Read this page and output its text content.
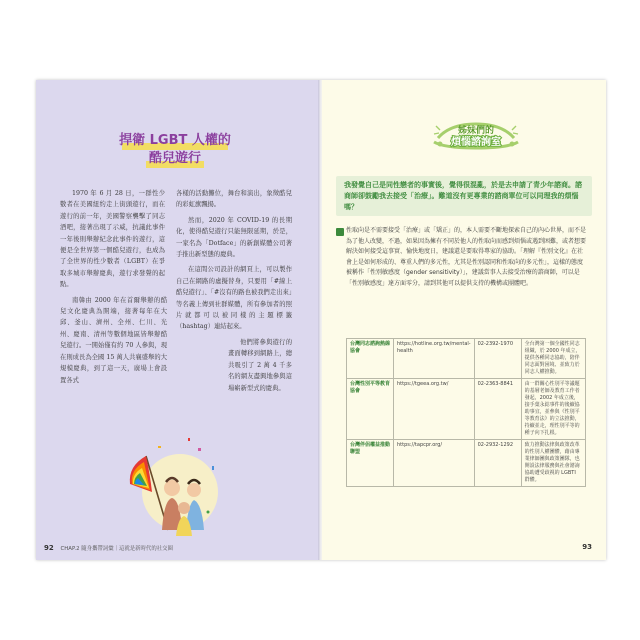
捍衛 LGBT 人權的
酷兒遊行

1970 年 6 月 28 日，一群性少數者在美國紐約走上街頭遊行，而在遊行的前一年，美國警察襲擊了同志酒吧，接著出現了示威，抗議此事件一年後則舉辦紀念此事件的遊行，這便是全世界第一個酷兒遊行，也成為了全世界的性少數者（LGBT）在爭取多城市舉辦慶典，遊行求發聲的起點。

南韓由 2000 年在首爾舉辦的酷兒文化慶典為開端，接著每年在大邱、釜山、濟州、全州、仁川、光州、慶南、清州等數個地區皆舉辦酷兒遊行。一開始僅有約 70 人參與，現在則成長為全國 15 萬人共襄盛舉的大規模慶典，到了這一天，廣場上會設置各式

各樣的活動攤位，舞台和演出，象徵酷兒的彩虹旗飄揚。

然而，2020 年 COVID-19 的長期化，使得酷兒遊行只能無限延期，於是，一家名為「Dotface」的新創媒體公司著手推出新型態的慶典。

在這間公司設計的網頁上，可以製作自己在網路的虛擬替身，只要用「#線上酷兒遊行」、「#沒有的路也被我們走出來」等名義上傳到社群媒體，所有參加者的照片就都可以被同樣的主題標籤（hashtag）連結起來。

他們將參與遊行的畫面轉移到網路上，總共吸引了 2 萬 4 千多名的網友盡興地參與這場嶄新型式的慶典。

92 CHAP.2 隨身攜帶詞彙｜這就是新時代的社交圈
姊妹們的
煩惱諮詢室
我發覺自己是同性戀者的事實後，覺得很混亂，於是去申請了青少年諮商。諮商師卻鼓勵我去接受「治療」。難道沒有更專業的諮商單位可以同理我的煩惱嗎？
性取向是不需要接受「治療」或「矯正」的，本人需要不斷地探索自己的內心世界，而不是為了他人改變，不過，如果因為擁有不同於他人的性取向而感到煩惱或遇到困難，或者想要解決如何接受這事實、愉快地度日，建議還是要取得專家的協助。「理解『性別文化』在社會上是如何形成的、尊重人們的多元性，尤其是性別認同和性取向的多元性」，這樣的態度被稱作「性別敏感度（gender sensitivity）」，建議當事人去接受治療的諮商師，可以是「性別敏感度」達方面零分，請到其他可以提供支持的機構或團體吧。
台灣同志諮詢熱線協會	https://hotline.org.tw/mental-health	02-2392-1970	全台灣第一個全國性同志組織，於 2000 年成立，提供各種同志協助，陪伴同志面對困境、並致力於同志人權推動。
台灣性別平等教育協會	https://tgeea.org.tw/	02-2363-8841	由一群關心性別平等議題的基層老師及教育工作者發起，2002 年成立後，接手葉永鋕事件的後續協助事宜，並參與《性別平等教育法》的立法推動，持續並走，理性別平等的種子向下扎根。
台灣伴侶權益推動聯盟	https://tapcpr.org/	02-2932-1292	致力推動法律與政策改革的性別人權團體，藉由專業律師團與政策團隊，也開設法律服務與社會諮詢協助遭受歧視的 LGBTI 群體。
93
